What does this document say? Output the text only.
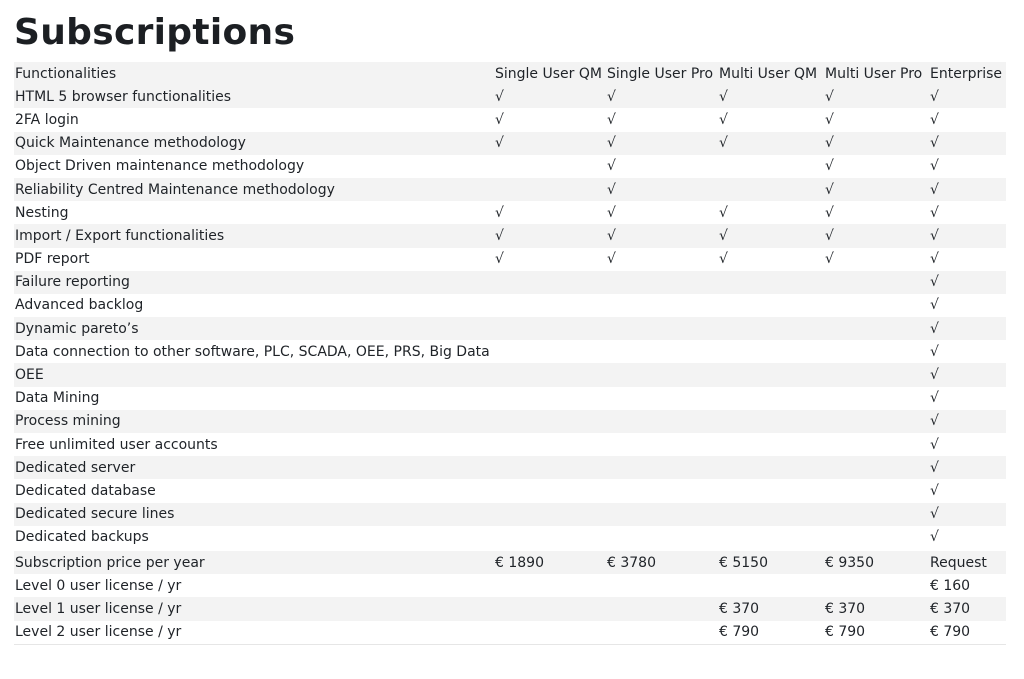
Subscriptions
Functionalities	Single User QM	Single User Pro	Multi User QM	Multi User Pro	Enterprise
HTML 5 browser functionalities	√	√	√	√	√
2FA login	√	√	√	√	√
Quick Maintenance methodology	√	√	√	√	√
Object Driven maintenance methodology		√		√	√
Reliability Centred Maintenance methodology		√		√	√
Nesting	√	√	√	√	√
Import / Export functionalities	√	√	√	√	√
PDF report	√	√	√	√	√
Failure reporting					√
Advanced backlog					√
Dynamic pareto’s					√
Data connection to other software, PLC, SCADA, OEE, PRS, Big Data					√
OEE					√
Data Mining					√
Process mining					√
Free unlimited user accounts					√
Dedicated server					√
Dedicated database					√
Dedicated secure lines					√
Dedicated backups					√
Subscription price per year	€ 1890	€ 3780	€ 5150	€ 9350	Request
Level 0 user license / yr					€ 160
Level 1 user license / yr			€ 370	€ 370	€ 370
Level 2 user license / yr			€ 790	€ 790	€ 790
